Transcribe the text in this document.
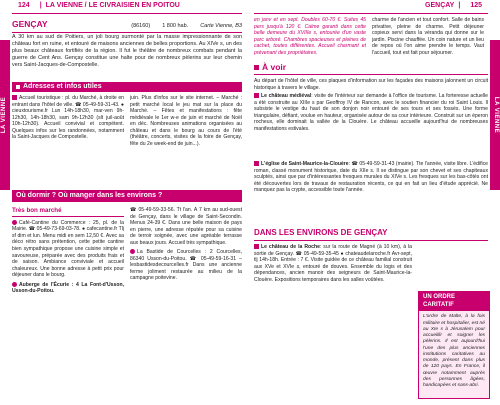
LA VIENNE
124 | LA VIENNE / LE CIVRAISIEN EN POITOU
GENÇAY	(86160) 1 800 hab. Carte Vienne, B3
À 30 km au sud de Poitiers, un joli bourg surmonté par la masse impressionnante de son château fort en ruine, et entouré de maisons anciennes de belles proportions. Au XIVe s, un des plus beaux châteaux fortifiés de la région. Il fut le théâtre de nombreux combats pendant la guerre de Cent Ans. Gençay constitue une halte pour de nombreux pèlerins sur leur chemin vers Saint-Jacques-de-Compostelle.
Adresses et infos utiles
Accueil touristique : pl. du Marché, à droite en entrant dans l'hôtel de ville. ☎ 05-49-59-31-43. ● cieuxtourisme.fr Lun 14h-18h30, mar-ven 9h-12h30, 14h-18h30, sam 9h-12h30 (slt juil-août 10h-12h30). Accueil convivial et compétent. Quelques infos sur les randonnées, notamment la Saint-Jacques de Compostelle.
juin. Plus d'infos sur le site internet. – Marché : petit marché local le jeu mat sur la place du Marché. – Fêtes et manifestations : fête médiévale le 1er w-e de juin et marché de Noël en déc. Nombreuses animations organisées au château et dans le bourg au cours de l'été (théâtre, concerts, visites de la foire de Gençay, fête du 2e week-end de juin...).
Où dormir ? Où manger dans les environs ?
Très bon marché
Café-Cantine du Commerce : 25, pl. de la Mairie. ☎ 05-49-73-69-03-78. ● cafecantine.fr Tlj sf dim et lun. Menu midi en sem 12,50 €. Avec sa déco rétro sans prétention, cette petite cantine bien sympathique propose une cuisine simple et savoureuse, préparée avec des produits frais et de saison. Ambiance conviviale et accueil chaleureux. Une bonne adresse à petit prix pour déjeuner dans le bourg.
Auberge de l'Écurie : 4 La Font-d'Usson, Usson-du-Poitou.
☎ 05-49-59-33-56. Tt l'an. À 7 km au sud-ouest de Gençay, dans le village de Saint-Secondin. Menus 24-39 €. Dans une belle maison de pays en pierre, une adresse réputée pour sa cuisine de terroir soignée, avec une agréable terrasse aux beaux jours. Accueil très sympathique.
La Bastide de Courcelles : 2 Courcelles, 86340 Usson-du-Poitou. ☎ 05-49-59-16-31 – lesbastidesdecourcelles.fr Dans une ancienne ferme joliment restaurée au milieu de la campagne poitevine.
LA VIENNE
GENÇAY | 125
en janv et en sept. Doubles 60-70 €. Suites 45 pers jusqu'à 120 €. Calme garanti dans cette belle demeure du XVIIIe s, entourée d'un vaste parc arboré. Chambres spacieuses et pleines de cachet, toutes différentes. Accueil charmant et prévenant des propriétaires.
charme de l'ancien et tout confort. Salle de bains privative, pleine de charme. Petit déjeuner copieux servi dans la véranda qui donne sur le jardin. Piscine chauffée. Un coin nature et un lieu de repos où l'on aime prendre le temps. Vaut l'accueil, tout est fait pour séjourner.
À voir
Au départ de l'hôtel de ville, ces plaques d'information sur les façades des maisons jalonnent un circuit historique à travers le village.
Le château médiéval: visite de l'intérieur sur demande à l'office de tourisme. La forteresse actuelle a été construite au XIIIe s par Geoffroy IV de Rancon, avec le soutien financier du roi Saint Louis. Il subsiste le vestige du haut de son donjon noir entouré de ses tours et ses fossés. Une forme triangulaire, défiant, voulue en hauteur, organisée autour de sa cour intérieure. Construit sur un éperon rocheux, elle dominait la vallée de la Clouère. Le château accueille aujourd'hui de nombreuses manifestations estivales.
L'église de Saint-Maurice-la-Clouère: ☎ 05-49-59-31-43 (mairie). Tte l'année, visite libre. L'édifice roman, classé monument historique, date du XIIe s. Il se distingue par son chevet et ses chapiteaux sculptés, ainsi que par d'intéressantes fresques murales du XIVe s. Les fresques sur les bas-côtés ont été découvertes lors de travaux de restauration récents, ce qui en fait un lieu d'étude apprécié. Ne manquez pas la crypte, accessible toute l'année.
DANS LES ENVIRONS DE GENÇAY
Le château de la Roche: sur la route de Magné (à 10 km), à la sortie de Gençay. ☎ 05-49-59-35-45 ● chateaudelaroche.fr Avr-sept, tlj 14h-18h. Entrée : 7 €. Visite guidée de ce château familial construit aux XVe et XVIe s, entouré de douves. Ensemble du logis et des dépendances, ancien manoir des seigneurs de Saint-Maurice-la-Clouère. Expositions temporaires dans les salles voûtées.
UN ORDRE CARITATIF
L'ordre de Malte, à la fois militaire et hospitalier, est né au XIe s à Jérusalem pour accueillir et soigner les pèlerins. Il est aujourd'hui l'une des plus anciennes institutions caritatives au monde, présent dans plus de 120 pays. En France, il œuvre notamment auprès des personnes âgées, handicapées et sans-abri.
